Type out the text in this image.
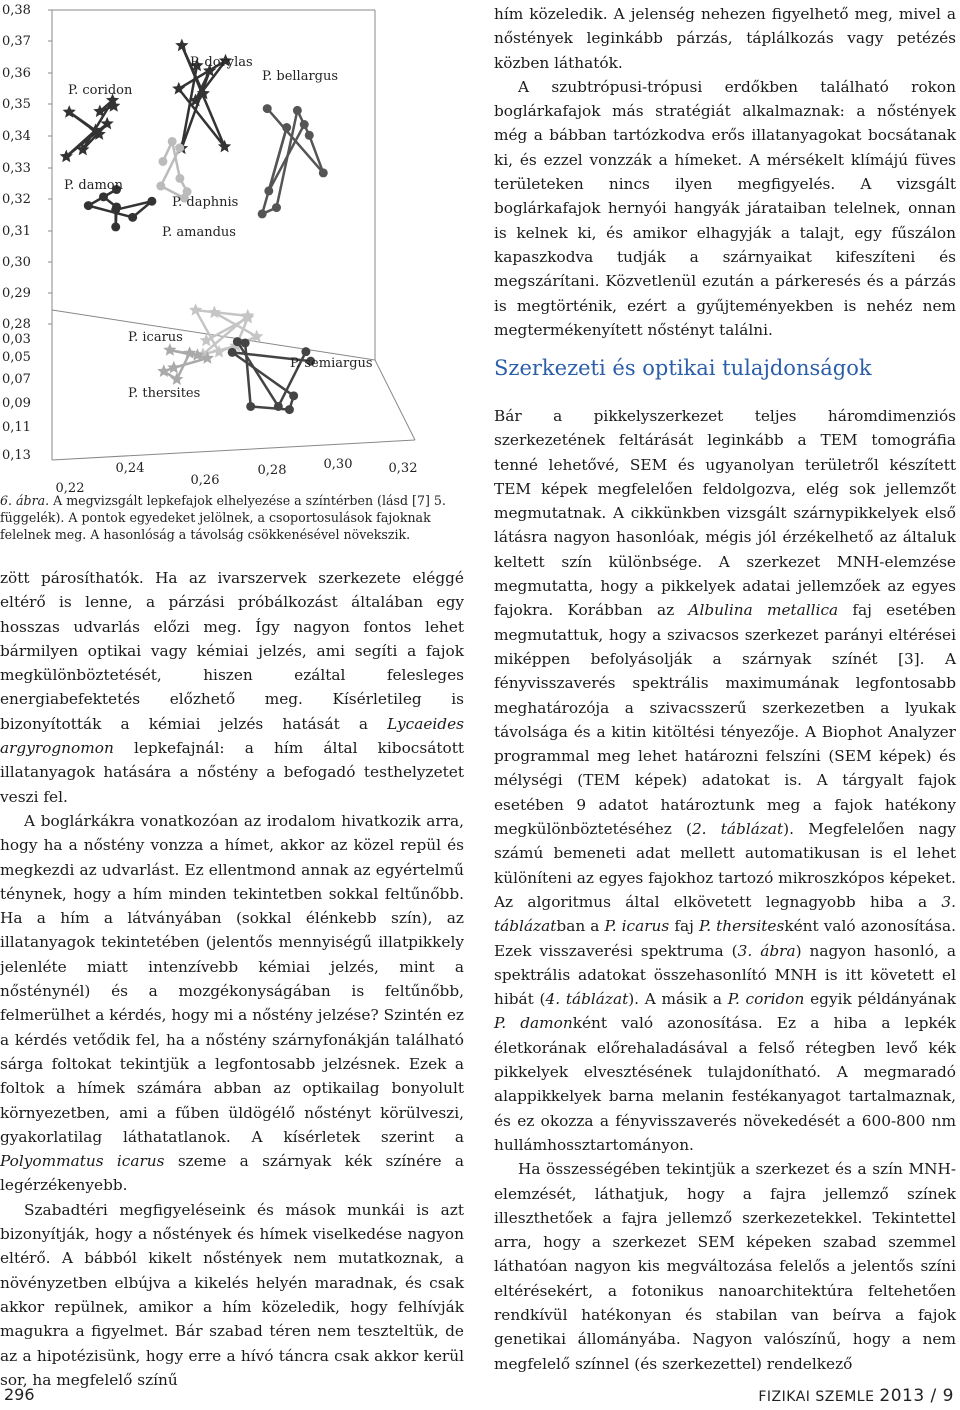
0,38
0,37
0,36
0,35
0,34
0,33
0,32
0,31
0,30
0,29
0,28
0,03
0,05
0,07
0,09
0,11
0,13
0,22
0,24
0,26
0,28	0,30	0,32
P. coridon
P. dorylas
P. bellargus
P. damon
P. daphnis
P. amandus
P. icarus
P. semiargus
P. thersites
6. ábra. A megvizsgált lepkefajok elhelyezése a színtérben (lásd [7] 5. függelék). A pontok egyedeket jelölnek, a csoportosulások fajoknak felelnek meg. A hasonlóság a távolság csökkenésével növekszik.

zött párosíthatók. Ha az ivarszervek szerkezete eléggé eltérő is lenne, a párzási próbálkozást általában egy hosszas udvarlás előzi meg. Így nagyon fontos lehet bármilyen optikai vagy kémiai jelzés, ami segíti a fajok megkülönböztetését, hiszen ezáltal felesleges energiabefektetés előzhető meg. Kísérletileg is bizonyították a kémiai jelzés hatását a Lycaeides argyrognomon lepkefajnál: a hím által kibocsátott illatanyagok hatására a nőstény a befogadó testhelyzetet veszi fel.

A boglárkákra vonatkozóan az irodalom hivatkozik arra, hogy ha a nőstény vonzza a hímet, akkor az közel repül és megkezdi az udvarlást. Ez ellentmond annak az egyértelmű ténynek, hogy a hím minden tekintetben sokkal feltűnőbb. Ha a hím a látványában (sokkal élénkebb szín), az illatanyagok tekintetében (jelentős mennyiségű illatpikkely jelenléte miatt intenzívebb kémiai jelzés, mint a nősténynél) és a mozgékonyságában is feltűnőbb, felmerülhet a kérdés, hogy mi a nőstény jelzése? Szintén ez a kérdés vetődik fel, ha a nőstény szárnyfonákján található sárga foltokat tekintjük a legfontosabb jelzésnek. Ezek a foltok a hímek számára abban az optikailag bonyolult környezetben, ami a fűben üldögélő nőstényt körülveszi, gyakorlatilag láthatatlanok. A kísérletek szerint a Polyommatus icarus szeme a szárnyak kék színére a legérzékenyebb.

Szabadtéri megfigyeléseink és mások munkái is azt bizonyítják, hogy a nőstények és hímek viselkedése nagyon eltérő. A bábból kikelt nőstények nem mutatkoznak, a növényzetben elbújva a kikelés helyén maradnak, és csak akkor repülnek, amikor a hím közeledik, hogy felhívják magukra a figyelmet. Bár szabad téren nem teszteltük, de az a hipotézisünk, hogy erre a hívó táncra csak akkor kerül sor, ha megfelelő színű

hím közeledik. A jelenség nehezen figyelhető meg, mivel a nőstények leginkább párzás, táplálkozás vagy petézés közben láthatók.

A szubtrópusi-trópusi erdőkben található rokon boglárkafajok más stratégiát alkalmaznak: a nőstények még a bábban tartózkodva erős illatanyagokat bocsátanak ki, és ezzel vonzzák a hímeket. A mérsékelt klímájú füves területeken nincs ilyen megfigyelés. A vizsgált boglárkafajok hernyói hangyák járataiban telelnek, onnan is kelnek ki, és amikor elhagyják a talajt, egy fűszálon kapaszkodva tudják a szárnyaikat kifeszíteni és megszárítani. Közvetlenül ezután a párkeresés és a párzás is megtörténik, ezért a gyűjteményekben is nehéz nem megtermékenyített nőstényt találni.

Szerkezeti és optikai tulajdonságok

Bár a pikkelyszerkezet teljes háromdimenziós szerkezetének feltárását leginkább a TEM tomográfia tenné lehetővé, SEM és ugyanolyan területről készített TEM képek megfelelően feldolgozva, elég sok jellemzőt megmutatnak. A cikkünkben vizsgált szárnypikkelyek első látásra nagyon hasonlóak, mégis jól érzékelhető az általuk keltett szín különbsége. A szerkezet MNH-elemzése megmutatta, hogy a pikkelyek adatai jellemzőek az egyes fajokra. Korábban az Albulina metallica faj esetében megmutattuk, hogy a szivacsos szerkezet parányi eltérései miképpen befolyásolják a szárnyak színét [3]. A fényvisszaverés spektrális maximumának legfontosabb meghatározója a szivacsszerű szerkezetben a lyukak távolsága és a kitin kitöltési tényezője. A Biophot Analyzer programmal meg lehet határozni felszíni (SEM képek) és mélységi (TEM képek) adatokat is. A tárgyalt fajok esetében 9 adatot határoztunk meg a fajok hatékony megkülönböztetéséhez (2. táblázat). Megfelelően nagy számú bemeneti adat mellett automatikusan is el lehet különíteni az egyes fajokhoz tartozó mikroszkópos képeket. Az algoritmus által elkövetett legnagyobb hiba a 3. táblázatban a P. icarus faj P. thersitesként való azonosítása. Ezek visszaverési spektruma (3. ábra) nagyon hasonló, a spektrális adatokat összehasonlító MNH is itt követett el hibát (4. táblázat). A másik a P. coridon egyik példányának P. damonként való azonosítása. Ez a hiba a lepkék életkorának előrehaladásával a felső rétegben levő kék pikkelyek elvesztésének tulajdonítható. A megmaradó alappikkelyek barna melanin festékanyagot tartalmaznak, és ez okozza a fényvisszaverés növekedését a 600-800 nm hullámhossztartományon.

Ha összességében tekintjük a szerkezet és a szín MNH-elemzését, láthatjuk, hogy a fajra jellemző színek illeszthetőek a fajra jellemző szerkezetekkel. Tekintettel arra, hogy a szerkezet SEM képeken szabad szemmel láthatóan nagyon kis megváltozása felelős a jelentős színi eltérésekért, a fotonikus nanoarchitektúra feltehetően rendkívül hatékonyan és stabilan van beírva a fajok genetikai állományába. Nagyon valószínű, hogy a nem megfelelő színnel (és szerkezettel) rendelkező

296	FIZIKAI SZEMLE 2013 / 9
